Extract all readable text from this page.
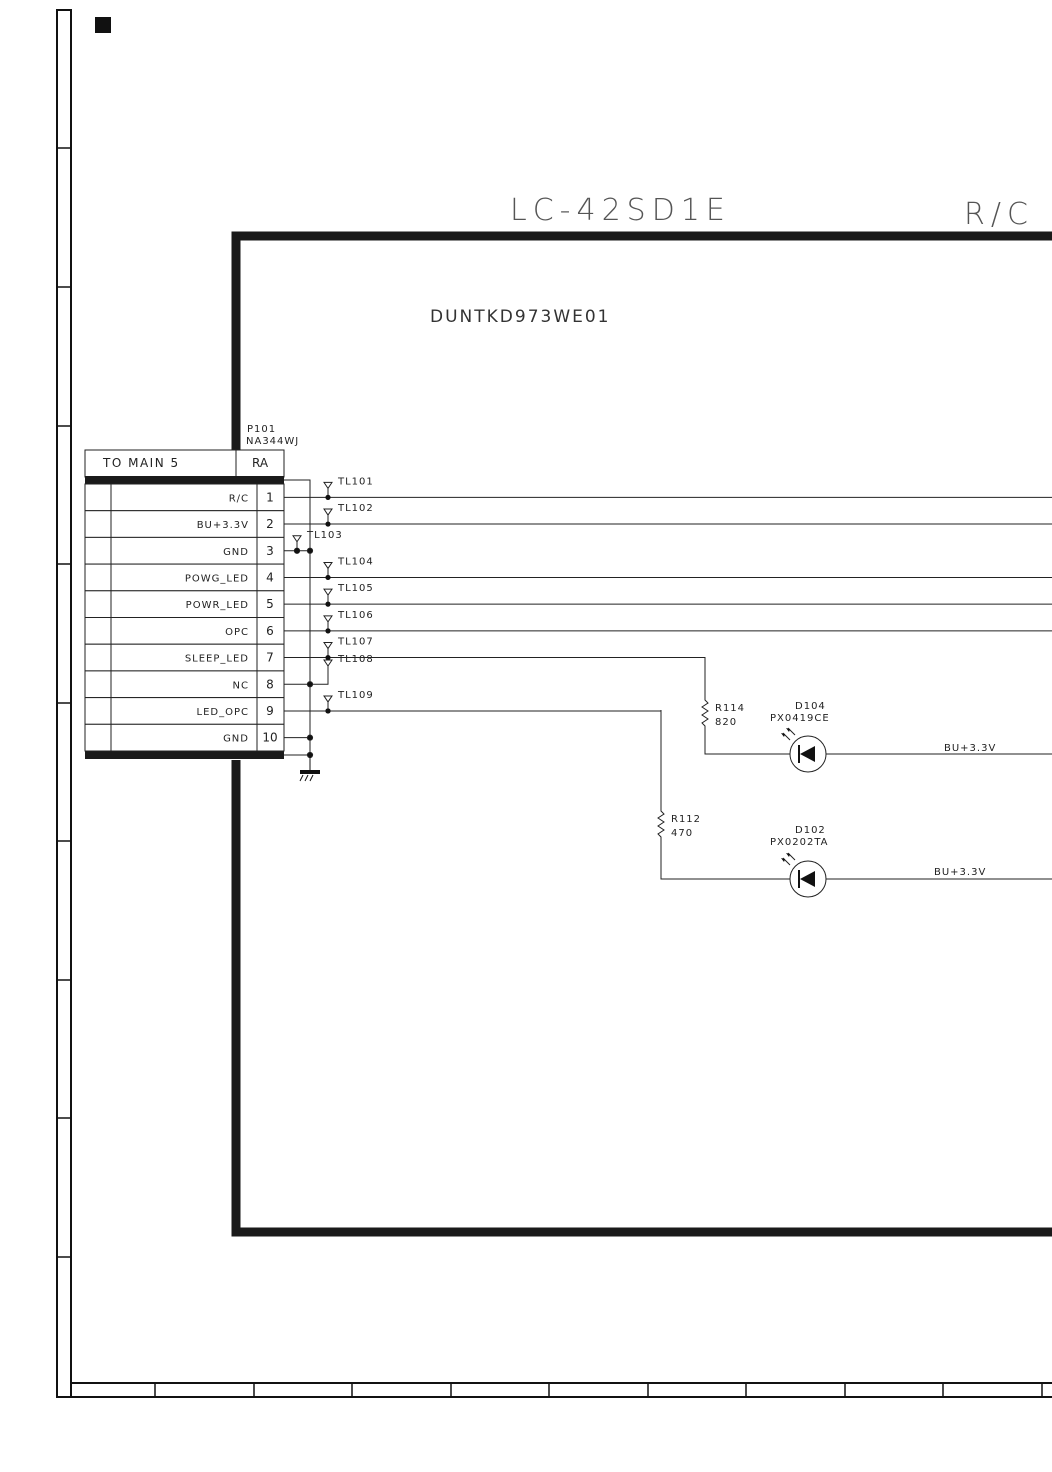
LC-42SD1E	R/C
DUNTKD973WE01
P101
NA344WJ
TO MAIN 5	RA
R/C 1
BU+3.3V 2
GND 3
POWG_LED 4
POWR_LED 5
OPC 6
SLEEP_LED 7
NC 8
LED_OPC 9
GND 10
TL101
TL102
TL103
TL104
TL105
TL106
TL107
TL108
TL109
R114
820
D104
PX0419CE
BU+3.3V
R112
470	D102
PX0202TA
BU+3.3V
